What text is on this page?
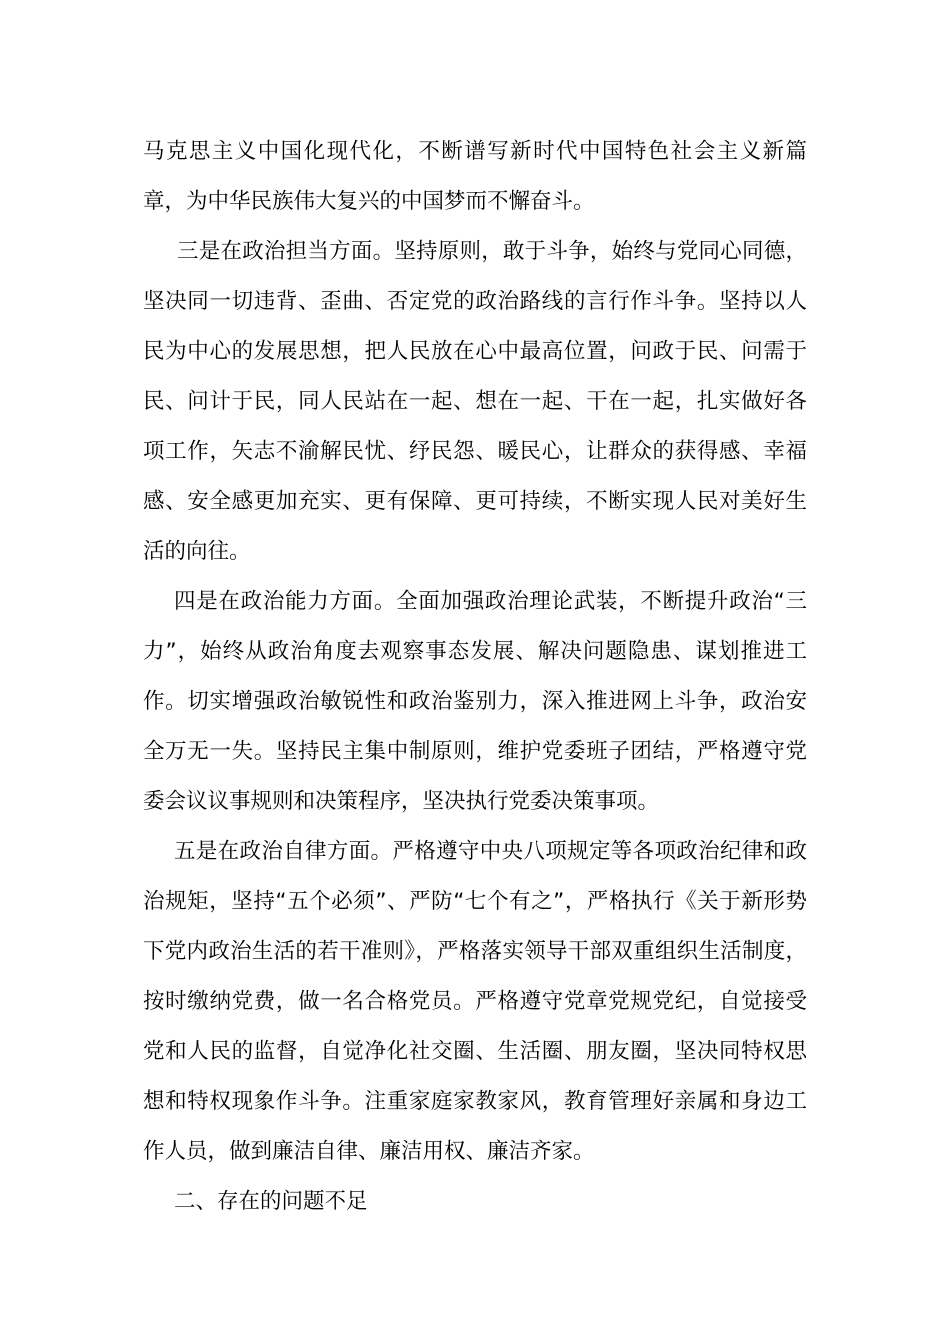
马克思主义中国化现代化，不断谱写新时代中国特色社会主义新篇章，为中华民族伟大复兴的中国梦而不懈奋斗。

三是在政治担当方面。坚持原则，敢于斗争，始终与党同心同德，坚决同一切违背、歪曲、否定党的政治路线的言行作斗争。坚持以人民为中心的发展思想，把人民放在心中最高位置，问政于民、问需于民、问计于民，同人民站在一起、想在一起、干在一起，扎实做好各项工作，矢志不渝解民忧、纾民怨、暖民心，让群众的获得感、幸福感、安全感更加充实、更有保障、更可持续，不断实现人民对美好生活的向往。

四是在政治能力方面。全面加强政治理论武装，不断提升政治“三力”，始终从政治角度去观察事态发展、解决问题隐患、谋划推进工作。切实增强政治敏锐性和政治鉴别力，深入推进网上斗争，政治安全万无一失。坚持民主集中制原则，维护党委班子团结，严格遵守党委会议议事规则和决策程序，坚决执行党委决策事项。

五是在政治自律方面。严格遵守中央八项规定等各项政治纪律和政治规矩，坚持“五个必须”、严防“七个有之”，严格执行《关于新形势下党内政治生活的若干准则》，严格落实领导干部双重组织生活制度，按时缴纳党费，做一名合格党员。严格遵守党章党规党纪，自觉接受党和人民的监督，自觉净化社交圈、生活圈、朋友圈，坚决同特权思想和特权现象作斗争。注重家庭家教家风，教育管理好亲属和身边工作人员，做到廉洁自律、廉洁用权、廉洁齐家。

二、存在的问题不足
